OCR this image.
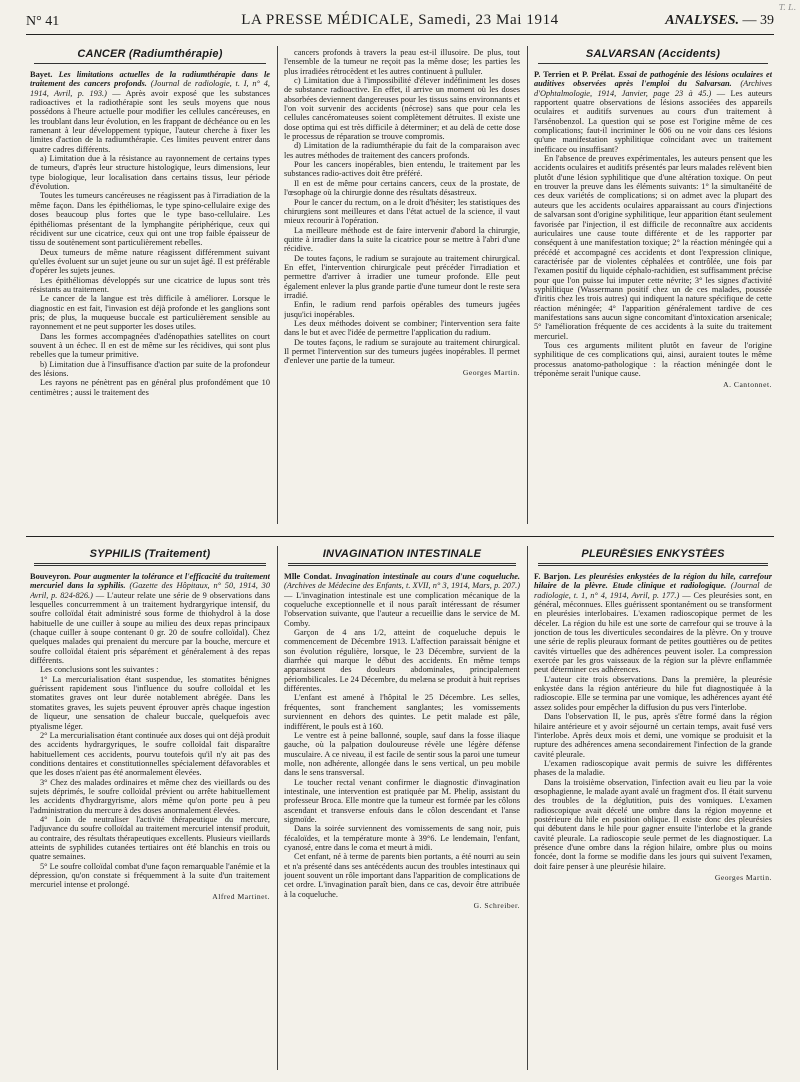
T. L.
N° 41	LA PRESSE MÉDICALE, Samedi, 23 Mai 1914	ANALYSES. — 39
CANCER (Radiumthérapie)

Bayet. Les limitations actuelles de la radiumthérapie dans le traitement des cancers profonds. (Journal de radiologie, t. I, n° 4, 1914, Avril, p. 193.) — Après avoir exposé que les substances radioactives et la radiothérapie sont les seuls moyens que nous possédons à l'heure actuelle pour modifier les cellules cancéreuses, en les troublant dans leur évolution, en les frappant de déchéance ou en les ramenant à leur développement typique, l'auteur cherche à fixer les limites d'action de la radiumthérapie. Ces limites peuvent entrer dans quatre cadres différents.

a) Limitation due à la résistance au rayonnement de certains types de tumeurs, d'après leur structure histologique, leurs dimensions, leur type biologique, leur localisation dans certains tissus, leur période d'évolution.

Toutes les tumeurs cancéreuses ne réagissent pas à l'irradiation de la même façon. Dans les épithéliomas, le type spino-cellulaire exige des doses beaucoup plus fortes que le type baso-cellulaire. Les épithéliomas présentant de la lymphangite périphérique, ceux qui récidivent sur une cicatrice, ceux qui ont une trop faible épaisseur de tissu de soutènement sont particulièrement rebelles.

Deux tumeurs de même nature réagissent différemment suivant qu'elles évoluent sur un sujet jeune ou sur un sujet âgé. Il est préférable d'opérer les sujets jeunes.

Les épithéliomas développés sur une cicatrice de lupus sont très résistants au traitement.

Le cancer de la langue est très difficile à améliorer. Lorsque le diagnostic en est fait, l'invasion est déjà profonde et les ganglions sont pris; de plus, la muqueuse buccale est particulièrement sensible au rayonnement et ne peut supporter les doses utiles.

Dans les formes accompagnées d'adénopathies satellites on court souvent à un échec. Il en est de même sur les récidives, qui sont plus rebelles que la tumeur primitive.

b) Limitation due à l'insuffisance d'action par suite de la profondeur des lésions.

Les rayons ne pénètrent pas en général plus profondément que 10 centimètres ; aussi le traitement des

cancers profonds à travers la peau est-il illusoire. De plus, tout l'ensemble de la tumeur ne reçoit pas la même dose; les parties les plus irradiées rétrocèdent et les autres continuent à pulluler.

c) Limitation due à l'impossibilité d'élever indéfiniment les doses de substance radioactive. En effet, il arrive un moment où les doses absorbées deviennent dangereuses pour les tissus sains environnants et l'on voit survenir des accidents (nécrose) sans que pour cela les cellules cancéromateuses soient complètement détruites. Il existe une dose optima qui est très difficile à déterminer; et au delà de cette dose le processus de réparation se trouve compromis.

d) Limitation de la radiumthérapie du fait de la comparaison avec les autres méthodes de traitement des cancers profonds.

Pour les cancers inopérables, bien entendu, le traitement par les substances radio-actives doit être préféré.

Il en est de même pour certains cancers, ceux de la prostate, de l'œsophage où la chirurgie donne des résultats désastreux.

Pour le cancer du rectum, on a le droit d'hésiter; les statistiques des chirurgiens sont meilleures et dans l'état actuel de la science, il vaut mieux recourir à l'opération.

La meilleure méthode est de faire intervenir d'abord la chirurgie, quitte à irradier dans la suite la cicatrice pour se mettre à l'abri d'une récidive.

De toutes façons, le radium se surajoute au traitement chirurgical. En effet, l'intervention chirurgicale peut précéder l'irradiation et permettre d'arriver à irradier une tumeur profonde. Elle peut également enlever la plus grande partie d'une tumeur dont le reste sera irradié.

Enfin, le radium rend parfois opérables des tumeurs jugées jusqu'ici inopérables.

Les deux méthodes doivent se combiner; l'intervention sera faite dans le but et avec l'idée de permettre l'application du radium.

De toutes façons, le radium se surajoute au traitement chirurgical. Il permet l'intervention sur des tumeurs jugées inopérables. Il permet d'enlever une partie de la tumeur.

Georges Martin.
SALVARSAN (Accidents)

P. Terrien et P. Prélat. Essai de pathogénie des lésions oculaires et auditives observées après l'emploi du Salvarsan. (Archives d'Ophtalmologie, 1914, Janvier, page 23 à 45.) — Les auteurs rapportent quatre observations de lésions associées des appareils oculaires et auditifs survenues au cours d'un traitement à l'arsénobenzol. La question qui se pose est l'origine même de ces complications; faut-il incriminer le 606 ou ne voir dans ces lésions qu'une manifestation syphilitique coïncidant avec un traitement inefficace ou insuffisant?

En l'absence de preuves expérimentales, les auteurs pensent que les accidents oculaires et auditifs présentés par leurs malades relèvent bien plutôt d'une lésion syphilitique que d'une altération toxique. On peut en trouver la preuve dans les éléments suivants: 1° la simultanéité de ces deux variétés de complications; si on admet avec la plupart des auteurs que les accidents oculaires apparaissant au cours d'injections de salvarsan sont d'origine syphilitique, leur apparition étant seulement favorisée par l'injection, il est difficile de reconnaître aux accidents auriculaires une cause toute différente et de les rapporter par conséquent à une manifestation toxique; 2° la réaction méningée qui a précédé et accompagné ces accidents et dont l'expression clinique, caractérisée par de violentes céphalées et contrôlée, une fois par l'examen positif du liquide céphalo-rachidien, est suffisamment précise pour que l'on puisse lui imputer cette névrite; 3° les signes d'activité syphilitique (Wassermann positif chez un de ces malades, poussée d'iritis chez les trois autres) qui indiquent la nature spécifique de cette réaction méningée; 4° l'apparition généralement tardive de ces manifestations sans aucun signe concomitant d'intoxication arsenicale; 5° l'amélioration fréquente de ces accidents à la suite du traitement mercuriel.

Tous ces arguments militent plutôt en faveur de l'origine syphilitique de ces complications qui, ainsi, auraient toutes le même processus anatomo-pathologique : la réaction méningée dont le tréponème serait l'unique cause.

A. Cantonnet.
SYPHILIS (Traitement)

Bouveyron. Pour augmenter la tolérance et l'efficacité du traitement mercuriel dans la syphilis. (Gazette des Hôpitaux, n° 50, 1914, 30 Avril, p. 824-826.) — L'auteur relate une série de 9 observations dans lesquelles concurremment à un traitement hydrargyrique intensif, du soufre colloïdal était administré sous forme de thiohydrol à la dose habituelle de une cuiller à soupe au milieu des deux repas principaux (chaque cuiller à soupe contenant 0 gr. 20 de soufre colloïdal). Chez quelques malades qui prenaient du mercure par la bouche, mercure et soufre colloïdal étaient pris séparément et généralement à des repas différents.

Les conclusions sont les suivantes :

1° La mercurialisation étant suspendue, les stomatites bénignes guérissent rapidement sous l'influence du soufre colloïdal et les stomatites graves ont leur durée notablement abrégée. Dans les stomatites graves, les sujets peuvent éprouver après chaque ingestion de liqueur, une sensation de chaleur buccale, quelquefois avec ptyalisme léger.

2° La mercurialisation étant continuée aux doses qui ont déjà produit des accidents hydrargyriques, le soufre colloïdal fait disparaître habituellement ces accidents, pourvu toutefois qu'il n'y ait pas des conditions dentaires et constitutionnelles spécialement défavorables et que les doses n'aient pas été anormalement élevées.

3° Chez des malades ordinaires et même chez des vieillards ou des sujets déprimés, le soufre colloïdal prévient ou arrête habituellement les accidents d'hydrargyrisme, alors même qu'on porte peu à peu l'administration du mercure à des doses anormalement élevées.

4° Loin de neutraliser l'activité thérapeutique du mercure, l'adjuvance du soufre colloïdal au traitement mercuriel intensif produit, au contraire, des résultats thérapeutiques excellents. Plusieurs vieillards atteints de syphilides cutanées tertiaires ont été blanchis en trois ou quatre semaines.

5° Le soufre colloïdal combat d'une façon remarquable l'anémie et la dépression, qu'on constate si fréquemment à la suite d'un traitement mercuriel intense et prolongé.

Alfred Martinet.
INVAGINATION INTESTINALE

Mlle Condat. Invagination intestinale au cours d'une coqueluche. (Archives de Médecine des Enfants, t. XVII, n° 3, 1914, Mars, p. 207.)

— L'invagination intestinale est une complication mécanique de la coqueluche exceptionnelle et il nous paraît intéressant de résumer l'observation suivante, que l'auteur a recueillie dans le service de M. Comby.

Garçon de 4 ans 1/2, atteint de coqueluche depuis le commencement de Décembre 1913. L'affection paraissait bénigne et son évolution régulière, lorsque, le 23 Décembre, survient de la diarrhée qui marque le début des accidents. En même temps apparaissent des douleurs abdominales, principalement périombilicales. Le 24 Décembre, du melæna se produit à huit reprises différentes.

L'enfant est amené à l'hôpital le 25 Décembre. Les selles, fréquentes, sont franchement sanglantes; les vomissements surviennent en dehors des quintes. Le petit malade est pâle, indifférent, le pouls est à 160.

Le ventre est à peine ballonné, souple, sauf dans la fosse iliaque gauche, où la palpation douloureuse révèle une légère défense musculaire. A ce niveau, il est facile de sentir sous la paroi une tumeur molle, non adhérente, allongée dans le sens vertical, un peu mobile dans le sens transversal.

Le toucher rectal venant confirmer le diagnostic d'invagination intestinale, une intervention est pratiquée par M. Phelip, assistant du professeur Broca. Elle montre que la tumeur est formée par les côlons ascendant et transverse enfouis dans le côlon descendant et l'anse sigmoïde.

Dans la soirée surviennent des vomissements de sang noir, puis fécaloïdes, et la température monte à 39°6. Le lendemain, l'enfant, cyanosé, entre dans le coma et meurt à midi.

Cet enfant, né à terme de parents bien portants, a été nourri au sein et n'a présenté dans ses antécédents aucun des troubles intestinaux qui jouent souvent un rôle important dans l'apparition de complications de cet ordre. L'invagination paraît bien, dans ce cas, devoir être attribuée à la coqueluche.

G. Schreiber.
PLEURÉSIES ENKYSTÉES

F. Barjon. Les pleurésies enkystées de la région du hile, carrefour hilaire de la plèvre. Etude clinique et radiologique. (Journal de radiologie, t. 1, n° 4, 1914, Avril, p. 177.) — Ces pleurésies sont, en général, méconnues. Elles guérissent spontanément ou se transforment en pleurésies interlobaires. L'examen radioscopique permet de les déceler. La région du hile est une sorte de carrefour qui se trouve à la jonction de tous les diverticules secondaires de la plèvre. On y trouve une série de replis pleuraux formant de petites gouttières ou de petites cavités virtuelles que des adhérences peuvent isoler. La compression exercée par les gros vaisseaux de la région sur la plèvre enflammée peut déterminer ces adhérences.

L'auteur cite trois observations. Dans la première, la pleurésie enkystée dans la région antérieure du hile fut diagnostiquée à la radioscopie. Elle se termina par une vomique, les adhérences ayant été assez solides pour empêcher la diffusion du pus vers l'interlobe.

Dans l'observation II, le pus, après s'être formé dans la région hilaire antérieure et y avoir séjourné un certain temps, avait fusé vers l'interlobe. Après deux mois et demi, une vomique se produisit et la rupture des adhérences amena secondairement l'infection de la grande cavité pleurale.

L'examen radioscopique avait permis de suivre les différentes phases de la maladie.

Dans la troisième observation, l'infection avait eu lieu par la voie œsophagienne, le malade ayant avalé un fragment d'os. Il était survenu des troubles de la déglutition, puis des vomiques. L'examen radioscopique avait décelé une ombre dans la région moyenne et postérieure du hile en position oblique. Il existe donc des pleurésies qui débutent dans le hile pour gagner ensuite l'interlobe et la grande cavité pleurale. La radioscopie seule permet de les diagnostiquer. La présence d'une ombre dans la région hilaire, ombre plus ou moins foncée, dont la forme se modifie dans les jours qui suivent l'examen, doit faire penser à une pleurésie hilaire.

Georges Martin.
